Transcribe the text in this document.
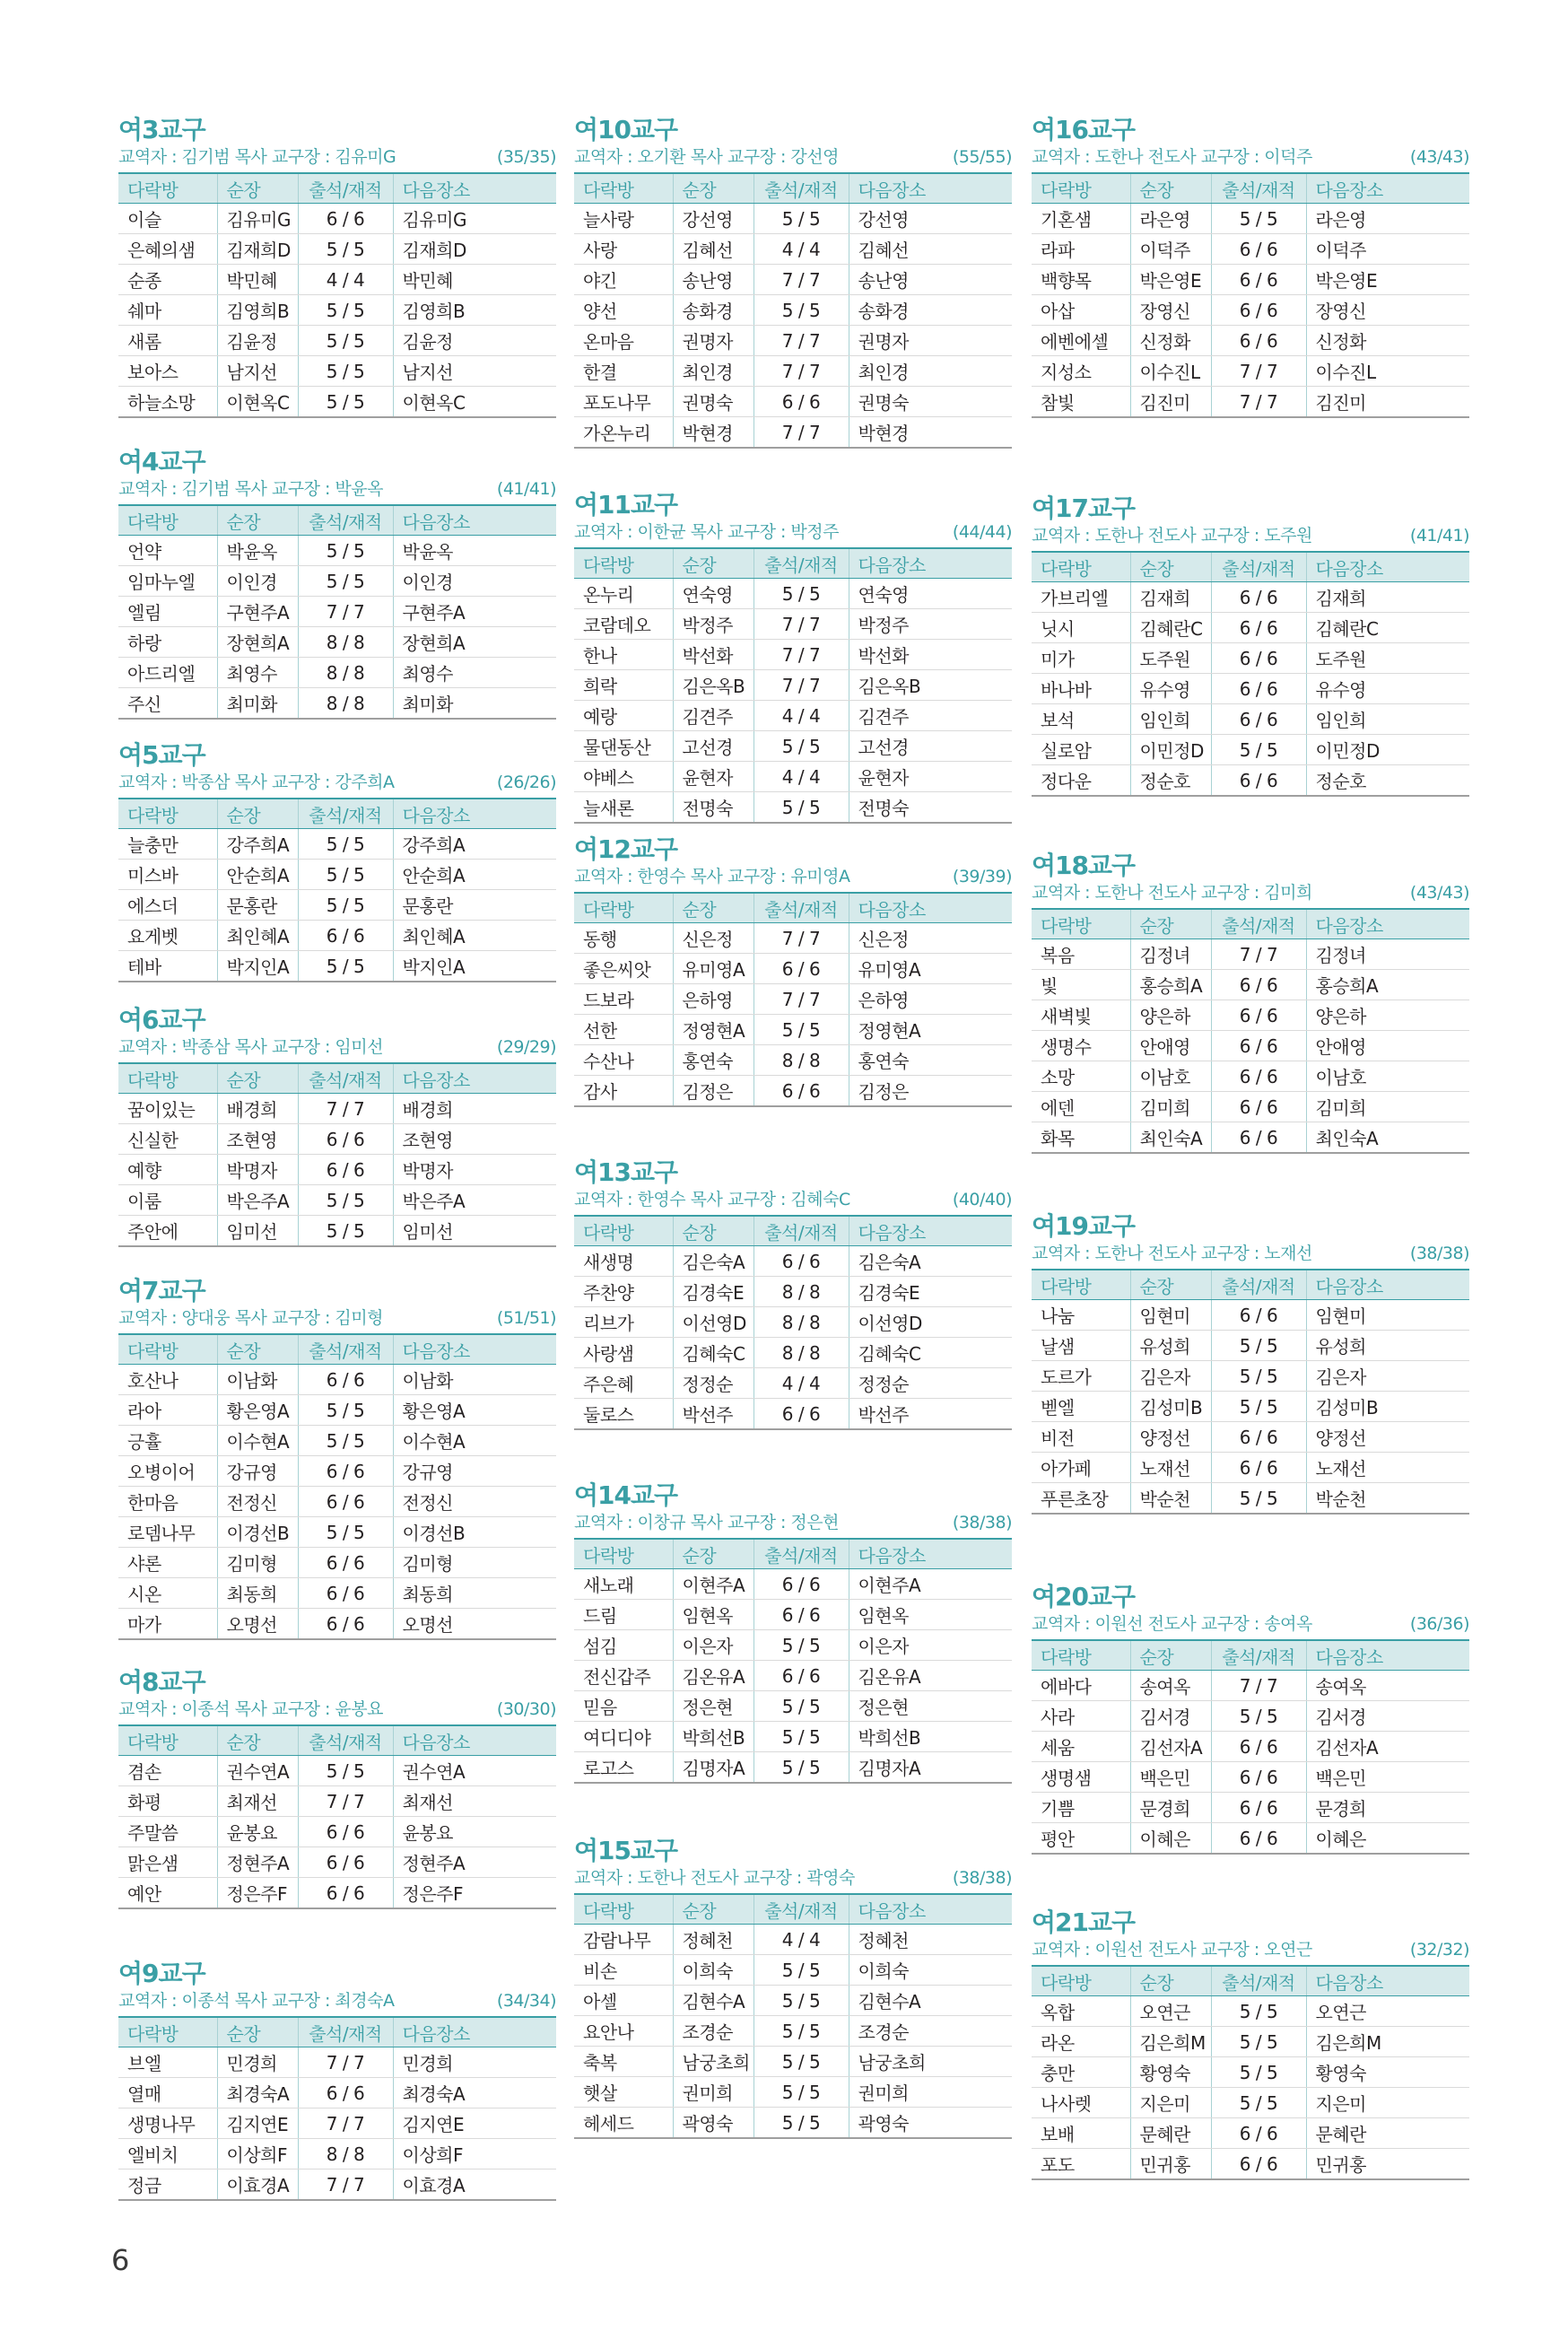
여3교구
교역자 : 김기범 목사 교구장 : 김유미G	(35/35)
다락방	순장	출석/재적	다음장소
이슬	김유미G	6 / 6	김유미G
은혜의샘	김재희D	5 / 5	김재희D
순종	박민혜	4 / 4	박민혜
쉐마	김영희B	5 / 5	김영희B
새롬	김윤정	5 / 5	김윤정
보아스	남지선	5 / 5	남지선
하늘소망	이현옥C	5 / 5	이현옥C
여4교구
교역자 : 김기범 목사 교구장 : 박윤옥	(41/41)
다락방	순장	출석/재적	다음장소
언약	박윤옥	5 / 5	박윤옥
임마누엘	이인경	5 / 5	이인경
엘림	구현주A	7 / 7	구현주A
하랑	장현희A	8 / 8	장현희A
아드리엘	최영수	8 / 8	최영수
주신	최미화	8 / 8	최미화
여5교구
교역자 : 박종삼 목사 교구장 : 강주희A	(26/26)
다락방	순장	출석/재적	다음장소
늘충만	강주희A	5 / 5	강주희A
미스바	안순희A	5 / 5	안순희A
에스더	문홍란	5 / 5	문홍란
요게벳	최인혜A	6 / 6	최인혜A
테바	박지인A	5 / 5	박지인A
여6교구
교역자 : 박종삼 목사 교구장 : 임미선	(29/29)
다락방	순장	출석/재적	다음장소
꿈이있는	배경희	7 / 7	배경희
신실한	조현영	6 / 6	조현영
예향	박명자	6 / 6	박명자
이룸	박은주A	5 / 5	박은주A
주안에	임미선	5 / 5	임미선
여7교구
교역자 : 양대웅 목사 교구장 : 김미형	(51/51)
다락방	순장	출석/재적	다음장소
호산나	이남화	6 / 6	이남화
라아	황은영A	5 / 5	황은영A
긍휼	이수현A	5 / 5	이수현A
오병이어	강규영	6 / 6	강규영
한마음	전정신	6 / 6	전정신
로뎀나무	이경선B	5 / 5	이경선B
샤론	김미형	6 / 6	김미형
시온	최동희	6 / 6	최동희
마가	오명선	6 / 6	오명선
여8교구
교역자 : 이종석 목사 교구장 : 윤봉요	(30/30)
다락방	순장	출석/재적	다음장소
겸손	권수연A	5 / 5	권수연A
화평	최재선	7 / 7	최재선
주말씀	윤봉요	6 / 6	윤봉요
맑은샘	정현주A	6 / 6	정현주A
예안	정은주F	6 / 6	정은주F
여9교구
교역자 : 이종석 목사 교구장 : 최경숙A	(34/34)
다락방	순장	출석/재적	다음장소
브엘	민경희	7 / 7	민경희
열매	최경숙A	6 / 6	최경숙A
생명나무	김지연E	7 / 7	김지연E
엘비치	이상희F	8 / 8	이상희F
정금	이효경A	7 / 7	이효경A
여10교구
교역자 : 오기환 목사 교구장 : 강선영	(55/55)
다락방	순장	출석/재적	다음장소
늘사랑	강선영	5 / 5	강선영
사랑	김혜선	4 / 4	김혜선
야긴	송난영	7 / 7	송난영
양선	송화경	5 / 5	송화경
온마음	권명자	7 / 7	권명자
한결	최인경	7 / 7	최인경
포도나무	권명숙	6 / 6	권명숙
가온누리	박현경	7 / 7	박현경
여11교구
교역자 : 이한균 목사 교구장 : 박정주	(44/44)
다락방	순장	출석/재적	다음장소
온누리	연숙영	5 / 5	연숙영
코람데오	박정주	7 / 7	박정주
한나	박선화	7 / 7	박선화
희락	김은옥B	7 / 7	김은옥B
예랑	김견주	4 / 4	김견주
물댄동산	고선경	5 / 5	고선경
야베스	윤현자	4 / 4	윤현자
늘새론	전명숙	5 / 5	전명숙
여12교구
교역자 : 한영수 목사 교구장 : 유미영A	(39/39)
다락방	순장	출석/재적	다음장소
동행	신은정	7 / 7	신은정
좋은씨앗	유미영A	6 / 6	유미영A
드보라	은하영	7 / 7	은하영
선한	정영현A	5 / 5	정영현A
수산나	홍연숙	8 / 8	홍연숙
감사	김정은	6 / 6	김정은
여13교구
교역자 : 한영수 목사 교구장 : 김혜숙C	(40/40)
다락방	순장	출석/재적	다음장소
새생명	김은숙A	6 / 6	김은숙A
주찬양	김경숙E	8 / 8	김경숙E
리브가	이선영D	8 / 8	이선영D
사랑샘	김혜숙C	8 / 8	김혜숙C
주은혜	정정순	4 / 4	정정순
둘로스	박선주	6 / 6	박선주
여14교구
교역자 : 이창규 목사 교구장 : 정은현	(38/38)
다락방	순장	출석/재적	다음장소
새노래	이현주A	6 / 6	이현주A
드림	임현옥	6 / 6	임현옥
섬김	이은자	5 / 5	이은자
전신갑주	김온유A	6 / 6	김온유A
믿음	정은현	5 / 5	정은현
여디디야	박희선B	5 / 5	박희선B
로고스	김명자A	5 / 5	김명자A
여15교구
교역자 : 도한나 전도사 교구장 : 곽영숙	(38/38)
다락방	순장	출석/재적	다음장소
감람나무	정혜천	4 / 4	정혜천
비손	이희숙	5 / 5	이희숙
아셀	김현수A	5 / 5	김현수A
요안나	조경순	5 / 5	조경순
축복	남궁초희	5 / 5	남궁초희
햇살	권미희	5 / 5	권미희
헤세드	곽영숙	5 / 5	곽영숙
여16교구
교역자 : 도한나 전도사 교구장 : 이덕주	(43/43)
다락방	순장	출석/재적	다음장소
기혼샘	라은영	5 / 5	라은영
라파	이덕주	6 / 6	이덕주
백향목	박은영E	6 / 6	박은영E
아삽	장영신	6 / 6	장영신
에벤에셀	신정화	6 / 6	신정화
지성소	이수진L	7 / 7	이수진L
참빛	김진미	7 / 7	김진미
여17교구
교역자 : 도한나 전도사 교구장 : 도주원	(41/41)
다락방	순장	출석/재적	다음장소
가브리엘	김재희	6 / 6	김재희
닛시	김혜란C	6 / 6	김혜란C
미가	도주원	6 / 6	도주원
바나바	유수영	6 / 6	유수영
보석	임인희	6 / 6	임인희
실로암	이민정D	5 / 5	이민정D
정다운	정순호	6 / 6	정순호
여18교구
교역자 : 도한나 전도사 교구장 : 김미희	(43/43)
다락방	순장	출석/재적	다음장소
복음	김정녀	7 / 7	김정녀
빛	홍승희A	6 / 6	홍승희A
새벽빛	양은하	6 / 6	양은하
생명수	안애영	6 / 6	안애영
소망	이남호	6 / 6	이남호
에덴	김미희	6 / 6	김미희
화목	최인숙A	6 / 6	최인숙A
여19교구
교역자 : 도한나 전도사 교구장 : 노재선	(38/38)
다락방	순장	출석/재적	다음장소
나눔	임현미	6 / 6	임현미
날샘	유성희	5 / 5	유성희
도르가	김은자	5 / 5	김은자
벧엘	김성미B	5 / 5	김성미B
비전	양정선	6 / 6	양정선
아가페	노재선	6 / 6	노재선
푸른초장	박순천	5 / 5	박순천
여20교구
교역자 : 이원선 전도사 교구장 : 송여옥	(36/36)
다락방	순장	출석/재적	다음장소
에바다	송여옥	7 / 7	송여옥
사라	김서경	5 / 5	김서경
세움	김선자A	6 / 6	김선자A
생명샘	백은민	6 / 6	백은민
기쁨	문경희	6 / 6	문경희
평안	이혜은	6 / 6	이혜은
여21교구
교역자 : 이원선 전도사 교구장 : 오연근	(32/32)
다락방	순장	출석/재적	다음장소
옥합	오연근	5 / 5	오연근
라온	김은희M	5 / 5	김은희M
충만	황영숙	5 / 5	황영숙
나사렛	지은미	5 / 5	지은미
보배	문혜란	6 / 6	문혜란
포도	민귀홍	6 / 6	민귀홍
6
